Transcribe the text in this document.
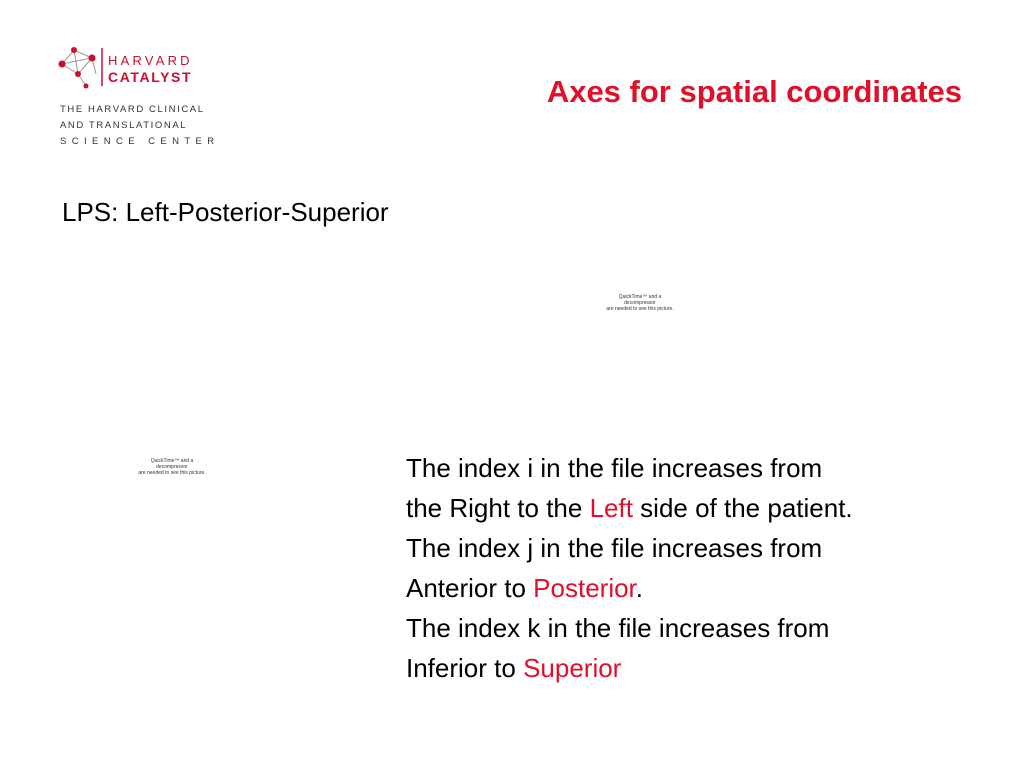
HARVARD
CATALYST
THE HARVARD CLINICAL
AND TRANSLATIONAL
SCIENCE CENTER
Axes for spatial coordinates
LPS: Left-Posterior-Superior
QuickTime™ and a
decompressor
are needed to see this picture.
QuickTime™ and a
decompressor
are needed to see this picture.	The index i in the file increases from

the Right to the Left side of the patient.

The index j in the file increases from

Anterior to Posterior.

The index k in the file increases from

Inferior to Superior
